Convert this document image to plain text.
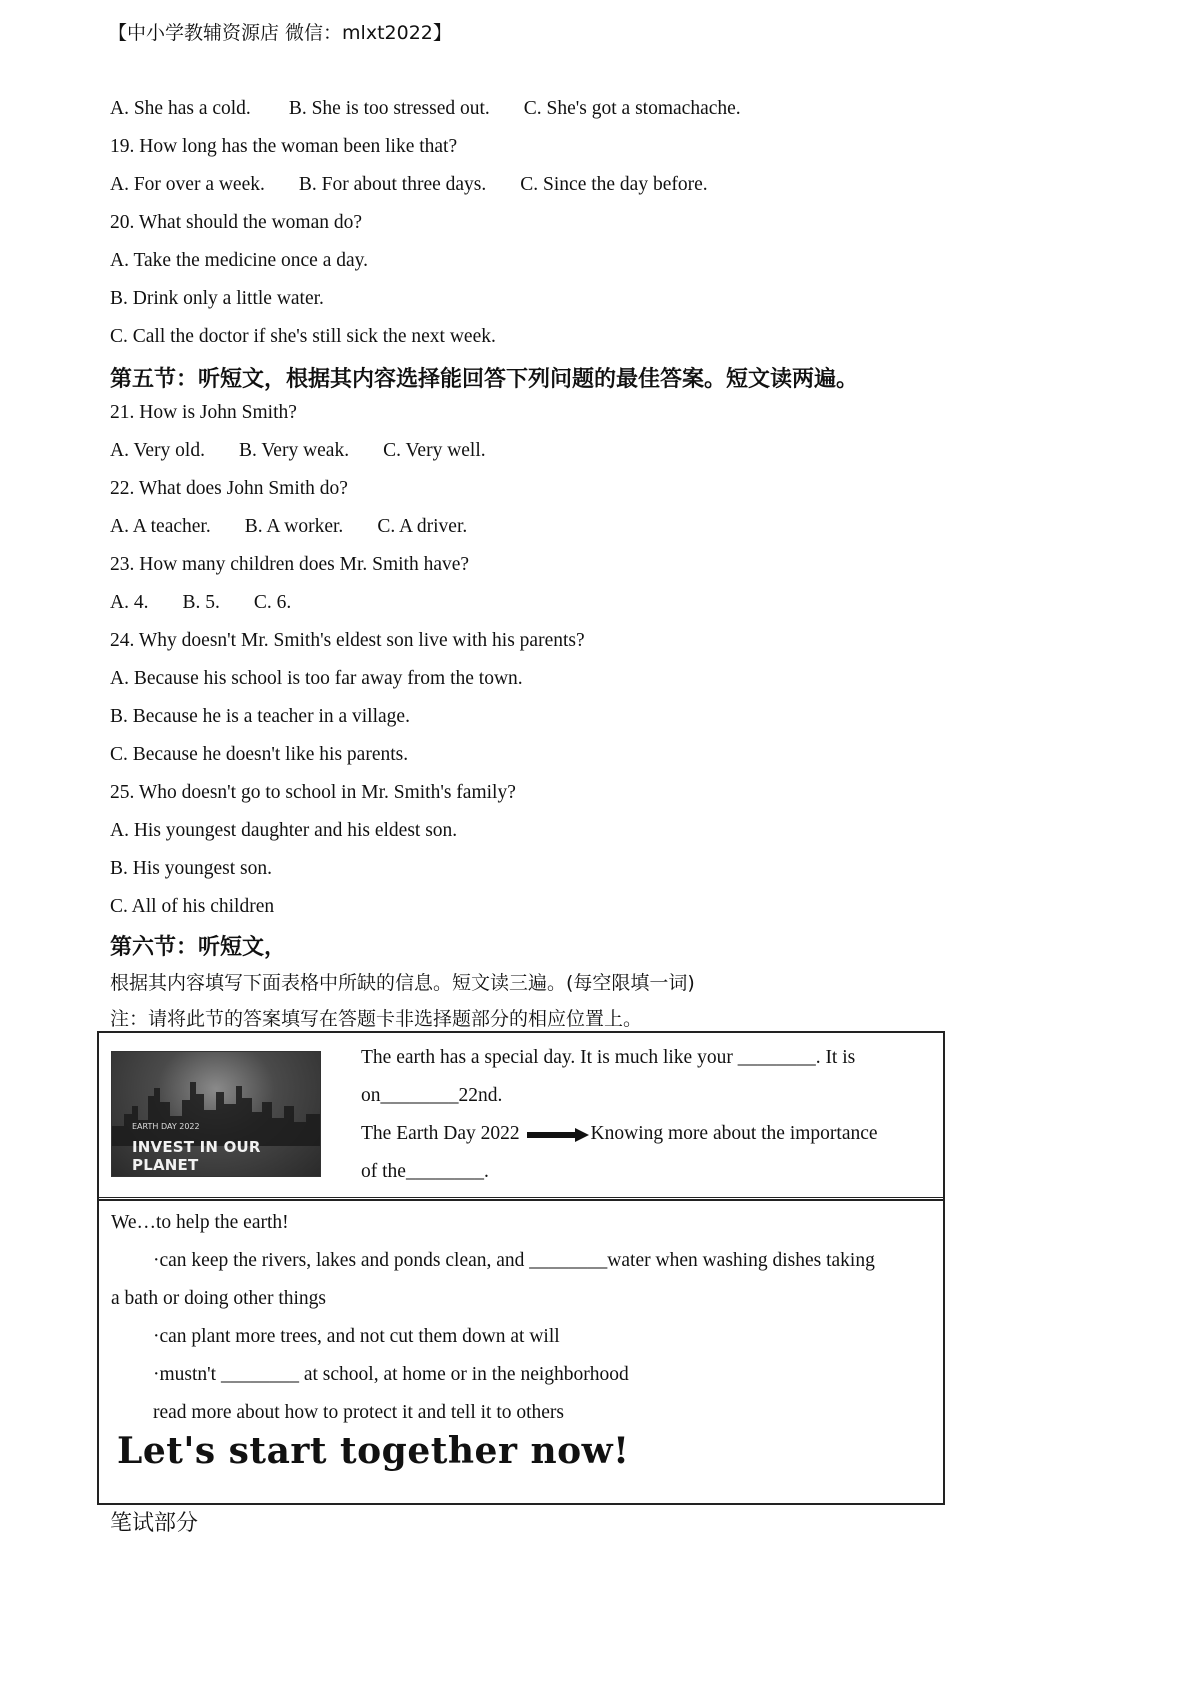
【中小学教辅资源店 微信：mlxt2022】
A. She has a cold. B. She is too stressed out. C. She's got a stomachache.
19. How long has the woman been like that?
A. For over a week. B. For about three days. C. Since the day before.
20. What should the woman do?
A. Take the medicine once a day.
B. Drink only a little water.
C. Call the doctor if she's still sick the next week.
第五节：听短文，根据其内容选择能回答下列问题的最佳答案。短文读两遍。
21. How is John Smith?
A. Very old. B. Very weak. C. Very well.
22. What does John Smith do?
A. A teacher. B. A worker. C. A driver.
23. How many children does Mr. Smith have?
A. 4. B. 5. C. 6.
24. Why doesn't Mr. Smith's eldest son live with his parents?
A. Because his school is too far away from the town.
B. Because he is a teacher in a village.
C. Because he doesn't like his parents.
25. Who doesn't go to school in Mr. Smith's family?
A. His youngest daughter and his eldest son.
B. His youngest son.
C. All of his children
第六节：听短文，
根据其内容填写下面表格中所缺的信息。短文读三遍。(每空限填一词)
注：请将此节的答案填写在答题卡非选择题部分的相应位置上。
EARTH DAY 2022
INVEST IN OUR PLANET
The earth has a special day. It is much like your ________. It is
on________22nd.
The Earth Day 2022	Knowing more about the importance
of the________.
We…to help the earth!
·can keep the rivers, lakes and ponds clean, and ________water when washing dishes taking
a bath or doing other things
·can plant more trees, and not cut them down at will
·mustn't ________ at school, at home or in the neighborhood
read more about how to protect it and tell it to others
Let's start together now!
笔试部分
